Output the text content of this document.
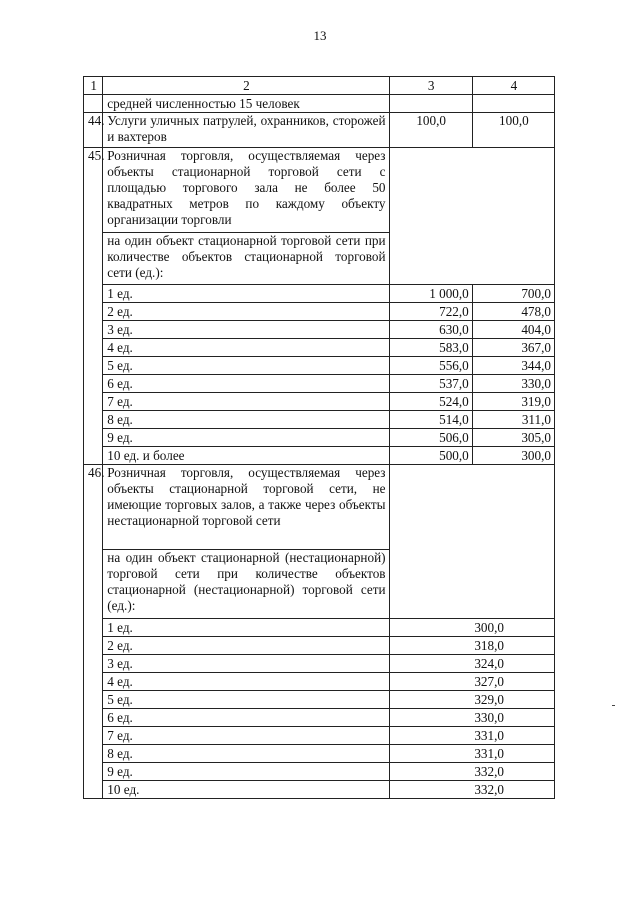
13
1	2	3	4
	средней численностью 15 человек		
44.	Услуги уличных патрулей, охранников, сторожей и вахтеров	100,0	100,0
45.	Розничная торговля, осуществляемая через объекты стационарной торговой сети с площадью торгового зала не более 50 квадратных метров по каждому объекту организации торговли		
	на один объект стационарной торговой сети при количестве объектов стационарной торговой сети (ед.):		
	1 ед.	1 000,0	700,0
	2 ед.	722,0	478,0
	3 ед.	630,0	404,0
	4 ед.	583,0	367,0
	5 ед.	556,0	344,0
	6 ед.	537,0	330,0
	7 ед.	524,0	319,0
	8 ед.	514,0	311,0
	9 ед.	506,0	305,0
	10 ед. и более	500,0	300,0
46.	Розничная торговля, осуществляемая через объекты стационарной торговой сети, не имеющие торговых залов, а также через объекты нестационарной торговой сети		
	на один объект стационарной (нестационарной) торговой сети при количестве объектов стационарной (нестационарной) торговой сети (ед.):		
	1 ед.	300,0	
	2 ед.	318,0	
	3 ед.	324,0	
	4 ед.	327,0	
	5 ед.	329,0	
	6 ед.	330,0	
	7 ед.	331,0	
	8 ед.	331,0	
	9 ед.	332,0	
	10 ед.	332,0	
